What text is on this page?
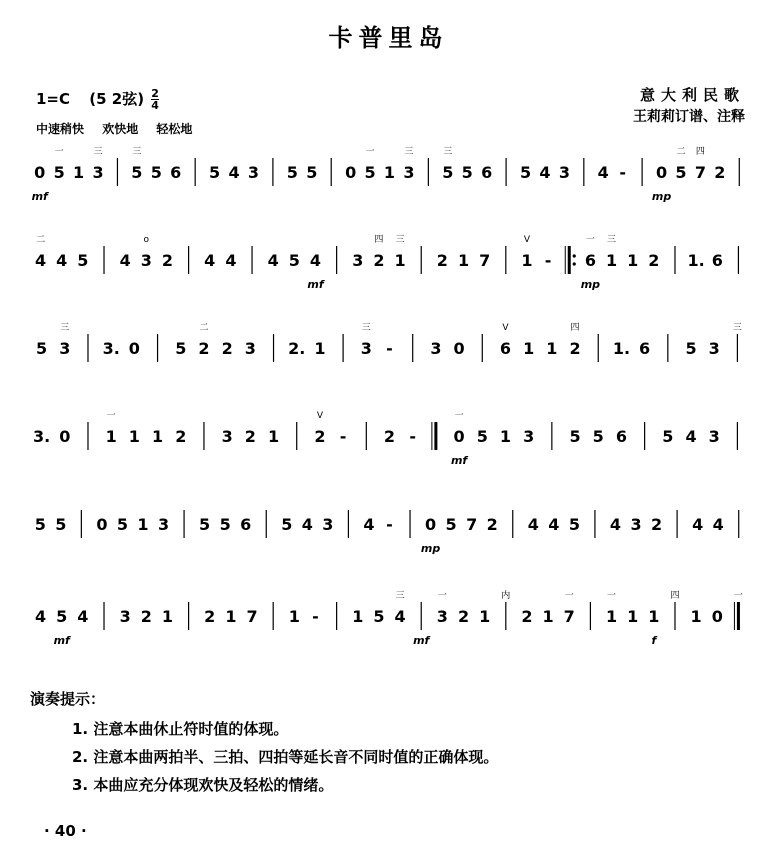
卡普里岛
1=C (5 2弦) $\frac{2}{4}$
中速稍快 欢快地 轻松地
意大利民歌
王莉莉订谱、注释
0 5 1 3 5 5 6 5 4 3 5 5 0 5 1 3 5 5 6 5 4 3 4 - 0 5 7 2
mf	mp
一	三	三	一	三	三	二 四
4 4 5 4 3 2 4 4 4 5 4 3 2 1 2 1 7 1 - 6 1 1 2 1. 6
mf	mp
二	o	四 三	V	一 三
5 3 3. 0 5 2 2 3 2. 1 3 - 3 0 6 1 1 2 1. 6 5 3
三	二	三	V	四	三
3. 0 1 1 1 2 3 2 1 2 - 2 - 0 5 1 3 5 5 6 5 4 3
mf
一	V	一
5 5 0 5 1 3 5 5 6 5 4 3 4 - 0 5 7 2 4 4 5 4 3 2 4 4
mp
4 5 4 3 2 1 2 1 7 1 - 1 5 4 3 2 1 2 1 7 1 1 1 1 0
mf	mf	f
三	一	内	一	一	四	一
演奏提示：
1. 注意本曲休止符时值的体现。
2. 注意本曲两拍半、三拍、四拍等延长音不同时值的正确体现。
3. 本曲应充分体现欢快及轻松的情绪。
· 40 ·
